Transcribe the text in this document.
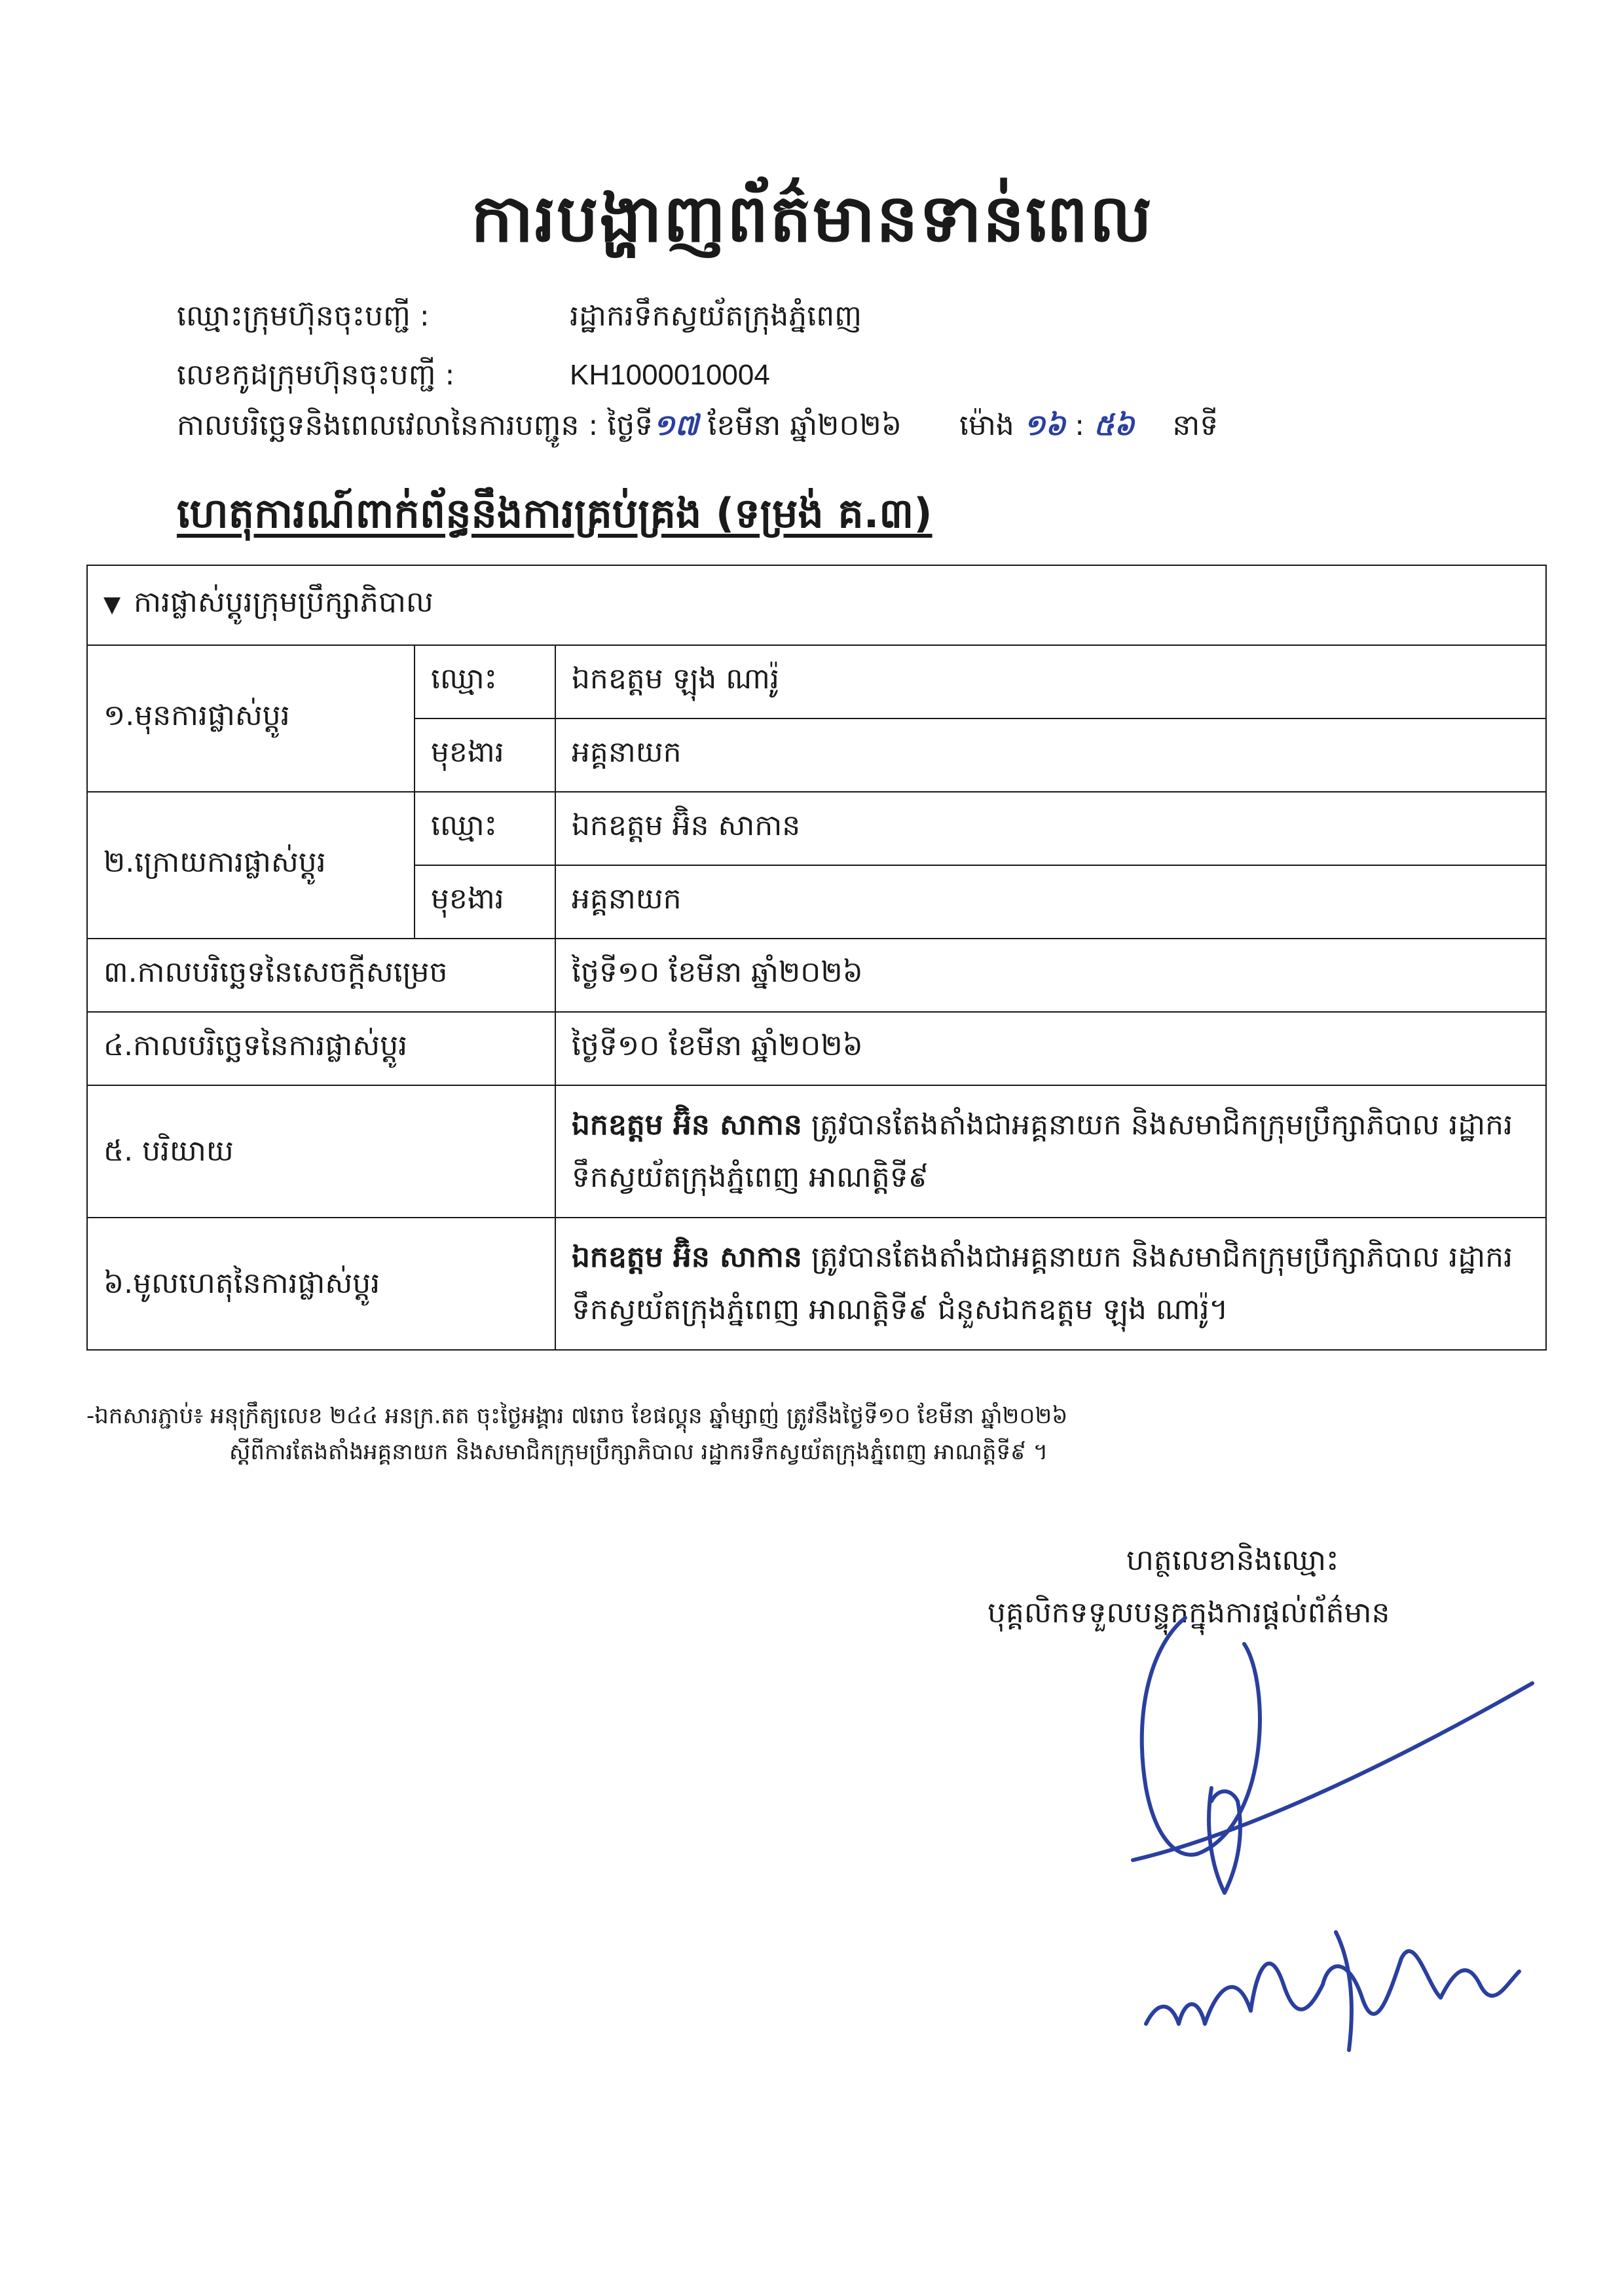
ការបង្ហាញព័ត៌មានទាន់ពេល
ឈ្មោះក្រុមហ៊ុនចុះបញ្ជី :	រដ្ឋាករទឹកស្វយ័តក្រុងភ្នំពេញ
លេខកូដក្រុមហ៊ុនចុះបញ្ជី :	KH1000010004
កាលបរិច្ឆេទនិងពេលវេលានៃការបញ្ជូន : ថ្ងៃទី១៧ ខែមីនា ឆ្នាំ២០២៦ ម៉ោង ១៦ : ៥៦ នាទី
ហេតុការណ៍ពាក់ព័ន្ធនឹងការគ្រប់គ្រង (ទម្រង់ គ.៣)
▼ ការផ្លាស់ប្តូរក្រុមប្រឹក្សាភិបាល		
១.មុនការផ្លាស់ប្តូរ	ឈ្មោះ	ឯកឧត្តម ឡុង ណារ៉ូ
	មុខងារ	អគ្គនាយក
២.ក្រោយការផ្លាស់ប្តូរ	ឈ្មោះ	ឯកឧត្តម អ៊ិន សាកាន
	មុខងារ	អគ្គនាយក
៣.កាលបរិច្ឆេទនៃសេចក្តីសម្រេច		ថ្ងៃទី១០ ខែមីនា ឆ្នាំ២០២៦
៤.កាលបរិច្ឆេទនៃការផ្លាស់ប្តូរ		ថ្ងៃទី១០ ខែមីនា ឆ្នាំ២០២៦
៥. បរិយាយ		ឯកឧត្តម អ៊ិន សាកាន ត្រូវបានតែងតាំងជាអគ្គនាយក និងសមាជិកក្រុមប្រឹក្សាភិបាល រដ្ឋាករទឹកស្វយ័តក្រុងភ្នំពេញ អាណត្តិទី៩
៦.មូលហេតុនៃការផ្លាស់ប្តូរ		ឯកឧត្តម អ៊ិន សាកាន ត្រូវបានតែងតាំងជាអគ្គនាយក និងសមាជិកក្រុមប្រឹក្សាភិបាល រដ្ឋាករទឹកស្វយ័តក្រុងភ្នំពេញ អាណត្តិទី៩ ជំនួសឯកឧត្តម ឡុង ណារ៉ូ។
-ឯកសារភ្ជាប់៖ អនុក្រឹត្យលេខ ២៤៤ អនក្រ.តត ចុះថ្ងៃអង្គារ ៧រោច ខែផល្គុន ឆ្នាំម្សាញ់ ត្រូវនឹងថ្ងៃទី១០ ខែមីនា ឆ្នាំ២០២៦
ស្តីពីការតែងតាំងអគ្គនាយក និងសមាជិកក្រុមប្រឹក្សាភិបាល រដ្ឋាករទឹកស្វយ័តក្រុងភ្នំពេញ អាណត្តិទី៩ ។
ហត្ថលេខានិងឈ្មោះ
បុគ្គលិកទទួលបន្ទុកក្នុងការផ្តល់ព័ត៌មាន
